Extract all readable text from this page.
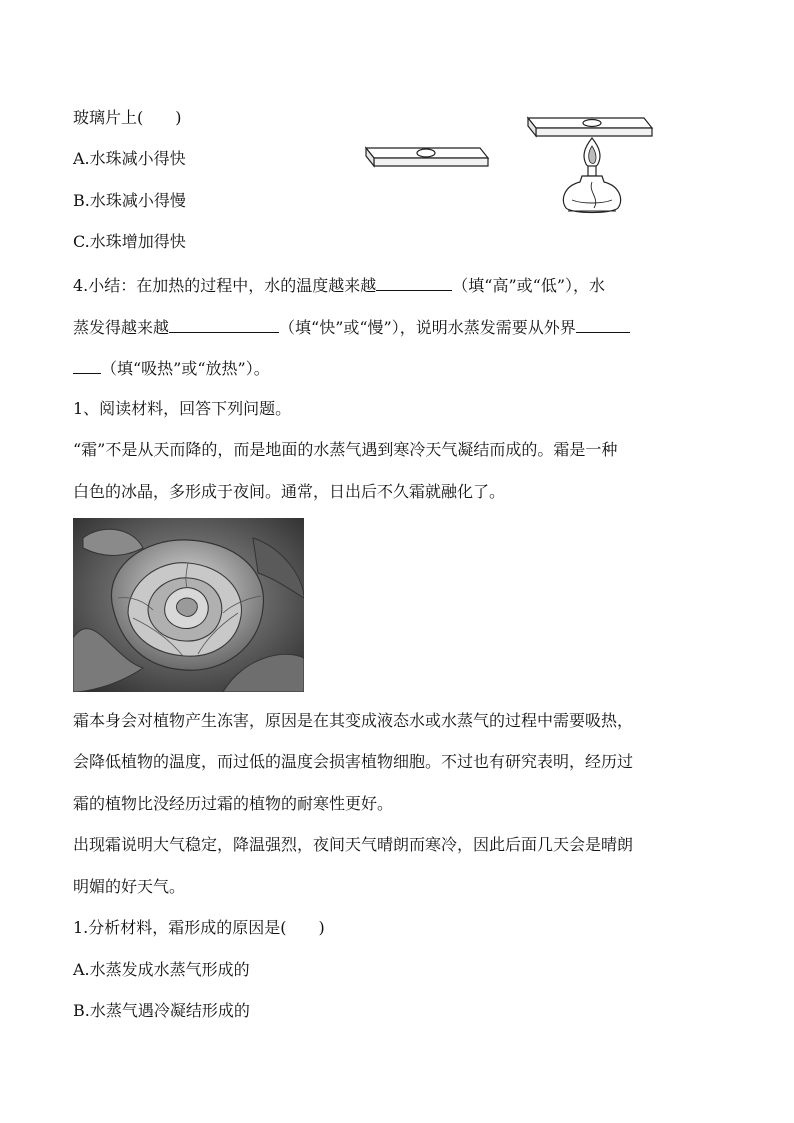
玻璃片上(　　)
A.水珠减小得快
B.水珠减小得慢
C.水珠增加得快
4.小结：在加热的过程中，水的温度越来越	（填“高”或“低”），水
蒸发得越来越	（填“快”或“慢”），说明水蒸发需要从外界
（填“吸热”或“放热”）。
1、阅读材料，回答下列问题。
“霜”不是从天而降的，而是地面的水蒸气遇到寒冷天气凝结而成的。霜是一种
白色的冰晶，多形成于夜间。通常，日出后不久霜就融化了。
霜本身会对植物产生冻害，原因是在其变成液态水或水蒸气的过程中需要吸热，
会降低植物的温度，而过低的温度会损害植物细胞。不过也有研究表明，经历过
霜的植物比没经历过霜的植物的耐寒性更好。
出现霜说明大气稳定，降温强烈，夜间天气晴朗而寒冷，因此后面几天会是晴朗
明媚的好天气。
1.分析材料，霜形成的原因是(　　)
A.水蒸发成水蒸气形成的
B.水蒸气遇冷凝结形成的
